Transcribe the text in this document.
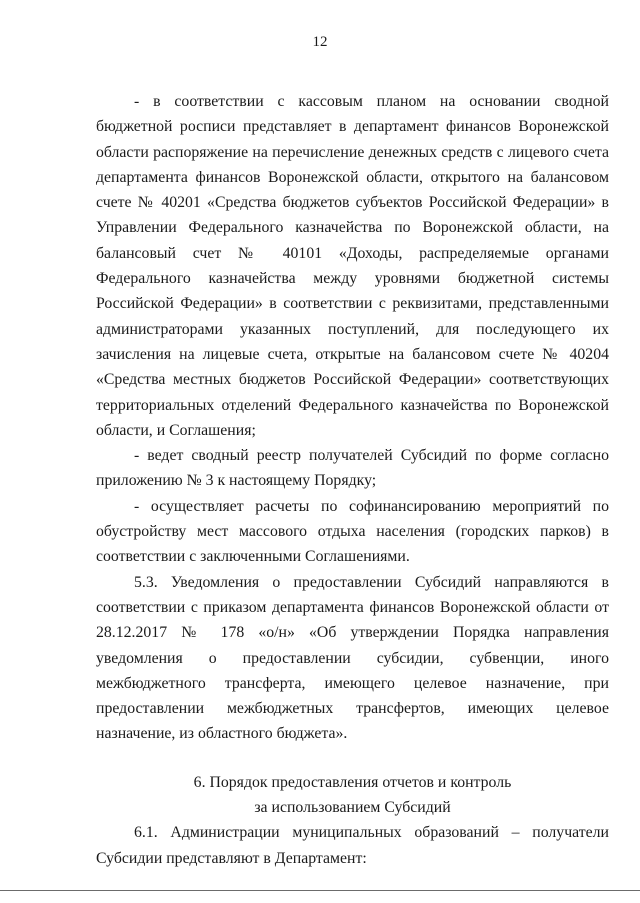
12

- в соответствии с кассовым планом на основании сводной бюджетной росписи представляет в департамент финансов Воронежской области распоряжение на перечисление денежных средств с лицевого счета департамента финансов Воронежской области, открытого на балансовом счете № 40201 «Средства бюджетов субъектов Российской Федерации» в Управлении Федерального казначейства по Воронежской области, на балансовый счет № 40101 «Доходы, распределяемые органами Федерального казначейства между уровнями бюджетной системы Российской Федерации» в соответствии с реквизитами, представленными администраторами указанных поступлений, для последующего их зачисления на лицевые счета, открытые на балансовом счете № 40204 «Средства местных бюджетов Российской Федерации» соответствующих территориальных отделений Федерального казначейства по Воронежской области, и Соглашения;

- ведет сводный реестр получателей Субсидий по форме согласно приложению № 3 к настоящему Порядку;

- осуществляет расчеты по софинансированию мероприятий по обустройству мест массового отдыха населения (городских парков) в соответствии с заключенными Соглашениями.

5.3. Уведомления о предоставлении Субсидий направляются в соответствии с приказом департамента финансов Воронежской области от 28.12.2017 № 178 «о/н» «Об утверждении Порядка направления уведомления о предоставлении субсидии, субвенции, иного межбюджетного трансферта, имеющего целевое назначение, при предоставлении межбюджетных трансфертов, имеющих целевое назначение, из областного бюджета».

6. Порядок предоставления отчетов и контроль

за использованием Субсидий

6.1. Администрации муниципальных образований – получатели Субсидии представляют в Департамент:
